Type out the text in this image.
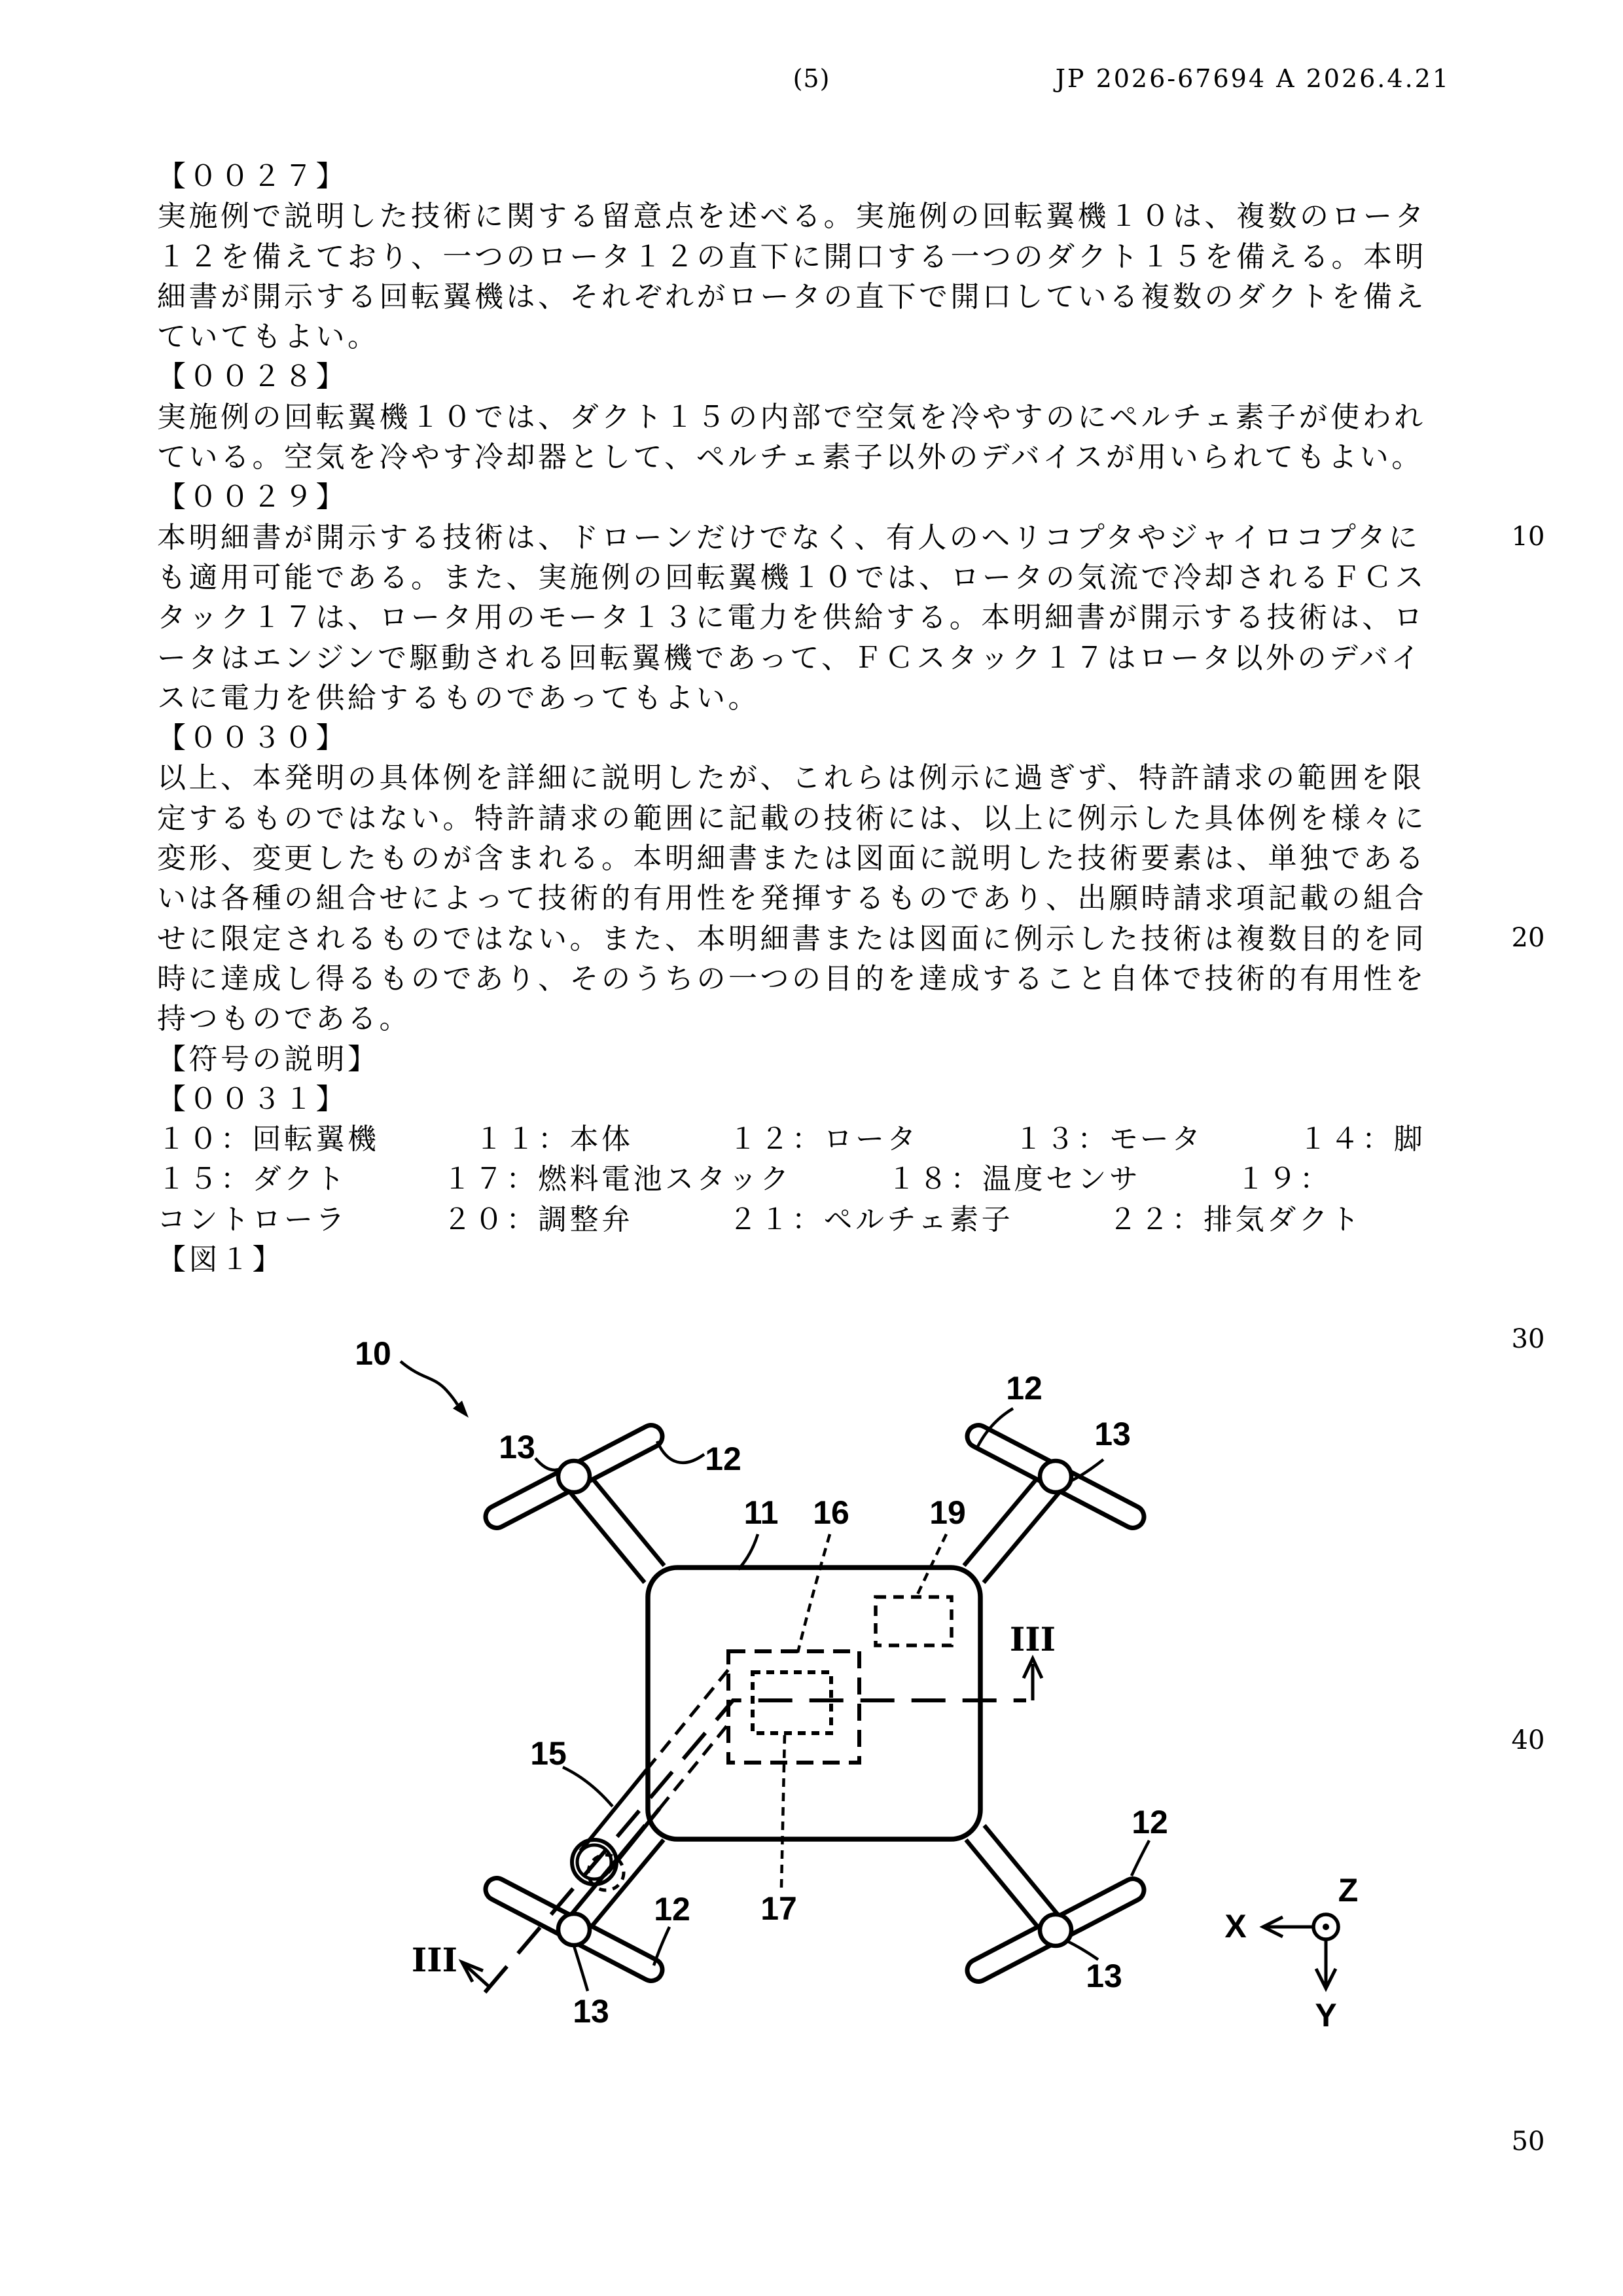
(5)	JP 2026-67694 A 2026.4.21
【００２７】
実施例で説明した技術に関する留意点を述べる。実施例の回転翼機１０は、複数のロータ
１２を備えており、一つのロータ１２の直下に開口する一つのダクト１５を備える。本明
細書が開示する回転翼機は、それぞれがロータの直下で開口している複数のダクトを備え
ていてもよい。
【００２８】
実施例の回転翼機１０では、ダクト１５の内部で空気を冷やすのにペルチェ素子が使われ
ている。空気を冷やす冷却器として、ペルチェ素子以外のデバイスが用いられてもよい。
【００２９】
本明細書が開示する技術は、ドローンだけでなく、有人のヘリコプタやジャイロコプタに
も適用可能である。また、実施例の回転翼機１０では、ロータの気流で冷却されるＦＣス
タック１７は、ロータ用のモータ１３に電力を供給する。本明細書が開示する技術は、ロ
ータはエンジンで駆動される回転翼機であって、ＦＣスタック１７はロータ以外のデバイ
スに電力を供給するものであってもよい。
【００３０】
以上、本発明の具体例を詳細に説明したが、これらは例示に過ぎず、特許請求の範囲を限
定するものではない。特許請求の範囲に記載の技術には、以上に例示した具体例を様々に
変形、変更したものが含まれる。本明細書または図面に説明した技術要素は、単独である
いは各種の組合せによって技術的有用性を発揮するものであり、出願時請求項記載の組合
せに限定されるものではない。また、本明細書または図面に例示した技術は複数目的を同
時に達成し得るものであり、そのうちの一つの目的を達成すること自体で技術的有用性を
持つものである。
【符号の説明】
【００３１】
１０：回転翼機　　　１１：本体　　　１２：ロータ　　　１３：モータ　　　１４：脚
１５：ダクト　　　１７：燃料電池スタック　　　１８：温度センサ　　　１９：
コントローラ　　　２０：調整弁　　　２１：ペルチェ素子　　　２２：排気ダクト
【図１】
10
20
30
40
50
III
III
10
13	12
12
13
11 16 19
15
17
12
13
12
13
X
Y
Z
